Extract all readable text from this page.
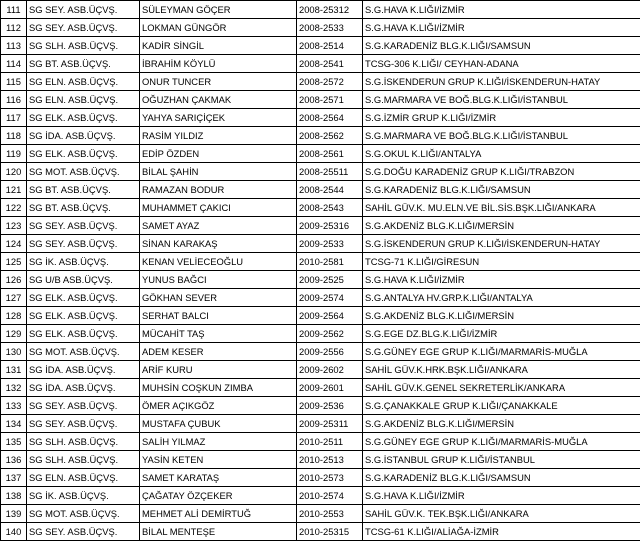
111	SG SEY. ASB.ÜÇVŞ.	SÜLEYMAN GÖÇER	2008-25312	S.G.HAVA K.LIĞI/İZMİR
112	SG SEY. ASB.ÜÇVŞ.	LOKMAN GÜNGÖR	2008-2533	S.G.HAVA K.LIĞI/İZMİR
113	SG SLH. ASB.ÜÇVŞ.	KADİR SİNGİL	2008-2514	S.G.KARADENİZ BLG.K.LIĞI/SAMSUN
114	SG BT. ASB.ÜÇVŞ.	İBRAHİM KÖYLÜ	2008-2541	TCSG-306 K.LIĞI/ CEYHAN-ADANA
115	SG ELN. ASB.ÜÇVŞ.	ONUR TUNCER	2008-2572	S.G.İSKENDERUN GRUP K.LIĞI/İSKENDERUN-HATAY
116	SG ELN. ASB.ÜÇVŞ.	OĞUZHAN ÇAKMAK	2008-2571	S.G.MARMARA VE BOĞ.BLG.K.LIĞI/İSTANBUL
117	SG ELK. ASB.ÜÇVŞ.	YAHYA SARIÇİÇEK	2008-2564	S.G.İZMİR GRUP K.LIĞI/İZMİR
118	SG İDA. ASB.ÜÇVŞ.	RASİM YILDIZ	2008-2562	S.G.MARMARA VE BOĞ.BLG.K.LIĞI/İSTANBUL
119	SG ELK. ASB.ÜÇVŞ.	EDİP ÖZDEN	2008-2561	S.G.OKUL K.LIĞI/ANTALYA
120	SG MOT. ASB.ÜÇVŞ.	BİLAL ŞAHİN	2008-25511	S.G.DOĞU KARADENİZ GRUP K.LIĞI/TRABZON
121	SG BT. ASB.ÜÇVŞ.	RAMAZAN BODUR	2008-2544	S.G.KARADENİZ BLG.K.LIĞI/SAMSUN
122	SG BT. ASB.ÜÇVŞ.	MUHAMMET ÇAKICI	2008-2543	SAHİL GÜV.K. MU.ELN.VE BİL.SİS.BŞK.LIĞI/ANKARA
123	SG SEY. ASB.ÜÇVŞ.	SAMET AYAZ	2009-25316	S.G.AKDENİZ BLG.K.LIĞI/MERSİN
124	SG SEY. ASB.ÜÇVŞ.	SİNAN KARAKAŞ	2009-2533	S.G.İSKENDERUN GRUP K.LIĞI/İSKENDERUN-HATAY
125	SG İK. ASB.ÜÇVŞ.	KENAN VELİECEOĞLU	2010-2581	TCSG-71 K.LIĞI/GİRESUN
126	SG U/B ASB.ÜÇVŞ.	YUNUS BAĞCI	2009-2525	S.G.HAVA K.LIĞI/İZMİR
127	SG ELK. ASB.ÜÇVŞ.	GÖKHAN SEVER	2009-2574	S.G.ANTALYA HV.GRP.K.LIĞI/ANTALYA
128	SG ELK. ASB.ÜÇVŞ.	SERHAT BALCI	2009-2564	S.G.AKDENİZ BLG.K.LIĞI/MERSİN
129	SG ELK. ASB.ÜÇVŞ.	MÜCAHİT TAŞ	2009-2562	S.G.EGE DZ.BLG.K.LIĞI/İZMİR
130	SG MOT. ASB.ÜÇVŞ.	ADEM KESER	2009-2556	S.G.GÜNEY EGE GRUP K.LIĞI/MARMARİS-MUĞLA
131	SG İDA. ASB.ÜÇVŞ.	ARİF KURU	2009-2602	SAHİL GÜV.K.HRK.BŞK.LIĞI/ANKARA
132	SG İDA. ASB.ÜÇVŞ.	MUHSİN COŞKUN ZIMBA	2009-2601	SAHİL GÜV.K.GENEL SEKRETERLİK/ANKARA
133	SG SEY. ASB.ÜÇVŞ.	ÖMER AÇIKGÖZ	2009-2536	S.G.ÇANAKKALE GRUP K.LIĞI/ÇANAKKALE
134	SG SEY. ASB.ÜÇVŞ.	MUSTAFA ÇUBUK	2009-25311	S.G.AKDENİZ BLG.K.LIĞI/MERSİN
135	SG SLH. ASB.ÜÇVŞ.	SALİH YILMAZ	2010-2511	S.G.GÜNEY EGE GRUP K.LIĞI/MARMARİS-MUĞLA
136	SG SLH. ASB.ÜÇVŞ.	YASİN KETEN	2010-2513	S.G.İSTANBUL GRUP K.LIĞI/İSTANBUL
137	SG ELN. ASB.ÜÇVŞ.	SAMET KARATAŞ	2010-2573	S.G.KARADENİZ BLG.K.LIĞI/SAMSUN
138	SG İK. ASB.ÜÇVŞ.	ÇAĞATAY ÖZÇEKER	2010-2574	S.G.HAVA K.LIĞI/İZMİR
139	SG MOT. ASB.ÜÇVŞ.	MEHMET ALİ DEMİRTUĞ	2010-2553	SAHİL GÜV.K. TEK.BŞK.LIĞI/ANKARA
140	SG SEY. ASB.ÜÇVŞ.	BİLAL MENTEŞE	2010-25315	TCSG-61 K.LIĞI/ALİAĞA-İZMİR
